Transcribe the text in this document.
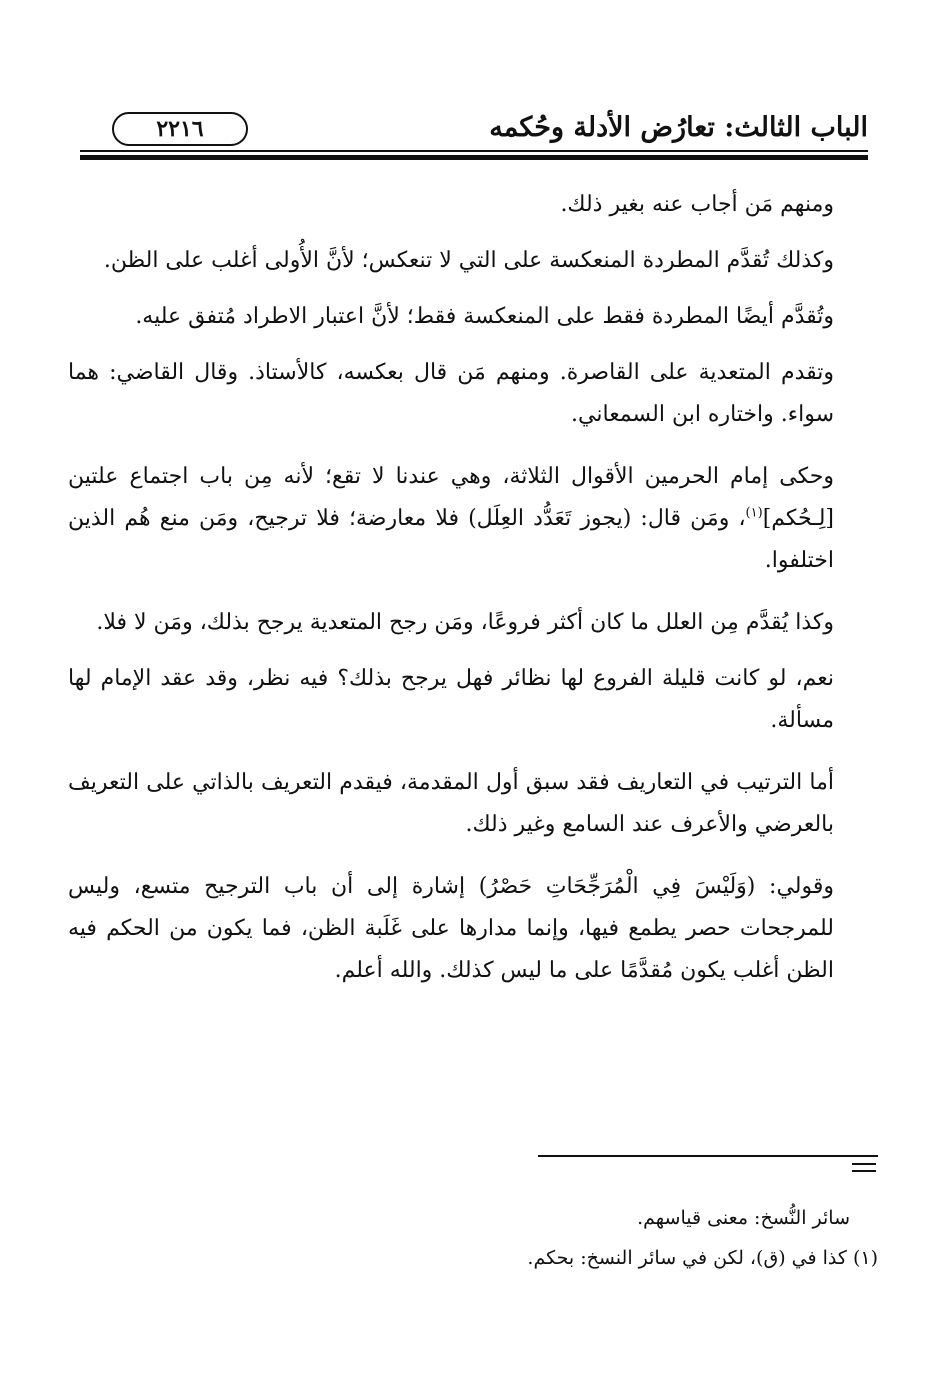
الباب الثالث: تعارُض الأدلة وحُكمه
٢٢١٦

ومنهم مَن أجاب عنه بغير ذلك.

وكذلك تُقدَّم المطردة المنعكسة على التي لا تنعكس؛ لأنَّ الأُولى أغلب على الظن.

وتُقدَّم أيضًا المطردة فقط على المنعكسة فقط؛ لأنَّ اعتبار الاطراد مُتفق عليه.

وتقدم المتعدية على القاصرة. ومنهم مَن قال بعكسه، كالأستاذ. وقال القاضي: هما سواء. واختاره ابن السمعاني.

وحكى إمام الحرمين الأقوال الثلاثة، وهي عندنا لا تقع؛ لأنه مِن باب اجتماع علتين [لِـحُكم]$^{(١)}$، ومَن قال: (يجوز تَعَدُّد العِلَل) فلا معارضة؛ فلا ترجيح، ومَن منع هُم الذين اختلفوا.

وكذا يُقدَّم مِن العلل ما كان أكثر فروعًا، ومَن رجح المتعدية يرجح بذلك، ومَن لا فلا.

نعم، لو كانت قليلة الفروع لها نظائر فهل يرجح بذلك؟ فيه نظر، وقد عقد الإمام لها مسألة.

أما الترتيب في التعاريف فقد سبق أول المقدمة، فيقدم التعريف بالذاتي على التعريف بالعرضي والأعرف عند السامع وغير ذلك.

وقولي: (وَلَيْسَ فِي الْمُرَجِّحَاتِ حَصْرُ) إشارة إلى أن باب الترجيح متسع، وليس للمرجحات حصر يطمع فيها، وإنما مدارها على غَلَبة الظن، فما يكون من الحكم فيه الظن أغلب يكون مُقدَّمًا على ما ليس كذلك. والله أعلم.

سائر النُّسخ: معنى قياسهم.
(١) كذا في (ق)، لكن في سائر النسخ: بحكم.
